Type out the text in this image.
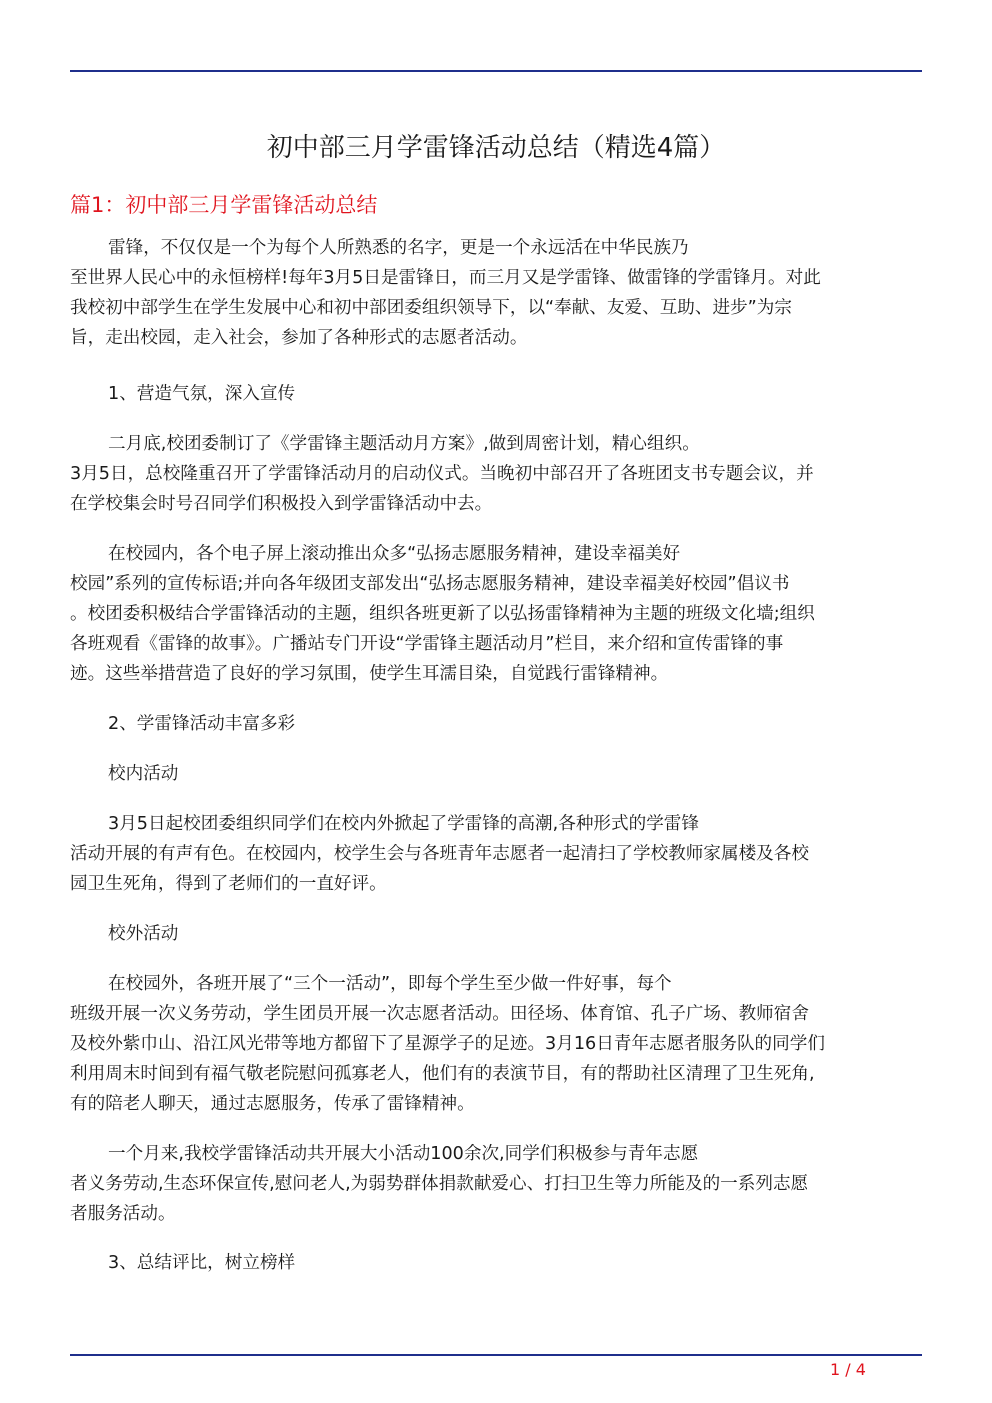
初中部三月学雷锋活动总结（精选4篇）
篇1：初中部三月学雷锋活动总结
雷锋，不仅仅是一个为每个人所熟悉的名字，更是一个永远活在中华民族乃
至世界人民心中的永恒榜样!每年3月5日是雷锋日，而三月又是学雷锋、做雷锋的学雷锋月。对此
我校初中部学生在学生发展中心和初中部团委组织领导下，以“奉献、友爱、互助、进步”为宗
旨，走出校园，走入社会，参加了各种形式的志愿者活动。
1、营造气氛，深入宣传
二月底,校团委制订了《学雷锋主题活动月方案》,做到周密计划，精心组织。
3月5日，总校隆重召开了学雷锋活动月的启动仪式。当晚初中部召开了各班团支书专题会议，并
在学校集会时号召同学们积极投入到学雷锋活动中去。
在校园内，各个电子屏上滚动推出众多“弘扬志愿服务精神，建设幸福美好
校园”系列的宣传标语;并向各年级团支部发出“弘扬志愿服务精神，建设幸福美好校园”倡议书
。校团委积极结合学雷锋活动的主题，组织各班更新了以弘扬雷锋精神为主题的班级文化墙;组织
各班观看《雷锋的故事》。广播站专门开设“学雷锋主题活动月”栏目，来介绍和宣传雷锋的事
迹。这些举措营造了良好的学习氛围，使学生耳濡目染，自觉践行雷锋精神。
2、学雷锋活动丰富多彩
校内活动
3月5日起校团委组织同学们在校内外掀起了学雷锋的高潮,各种形式的学雷锋
活动开展的有声有色。在校园内，校学生会与各班青年志愿者一起清扫了学校教师家属楼及各校
园卫生死角，得到了老师们的一直好评。
校外活动
在校园外，各班开展了“三个一活动”，即每个学生至少做一件好事，每个
班级开展一次义务劳动，学生团员开展一次志愿者活动。田径场、体育馆、孔子广场、教师宿舍
及校外紫巾山、沿江风光带等地方都留下了星源学子的足迹。3月16日青年志愿者服务队的同学们
利用周末时间到有福气敬老院慰问孤寡老人，他们有的表演节目，有的帮助社区清理了卫生死角,
有的陪老人聊天，通过志愿服务，传承了雷锋精神。
一个月来,我校学雷锋活动共开展大小活动100余次,同学们积极参与青年志愿
者义务劳动,生态环保宣传,慰问老人,为弱势群体捐款献爱心、打扫卫生等力所能及的一系列志愿
者服务活动。
3、总结评比，树立榜样
1 / 4
